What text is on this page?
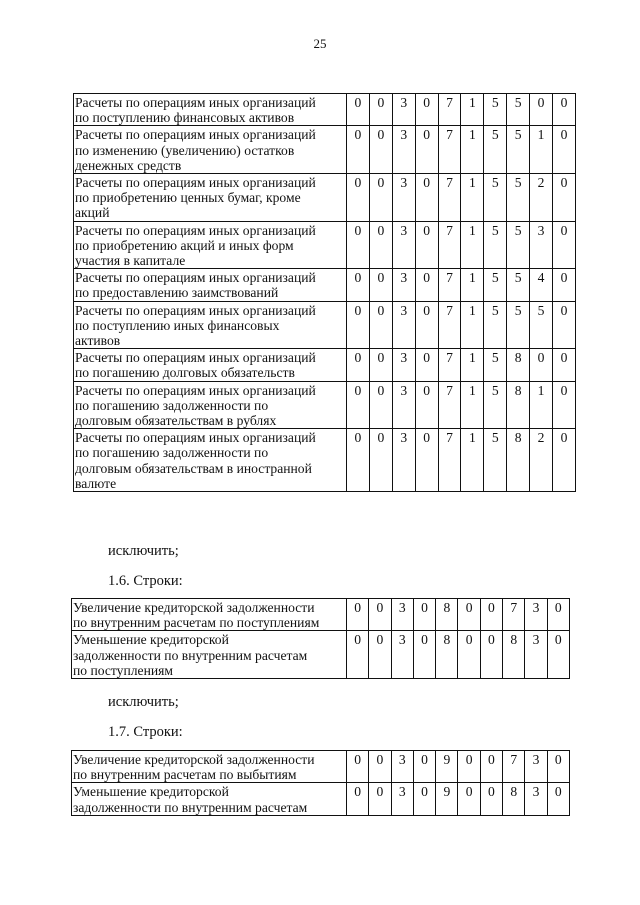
25
Расчеты по операциям иных организаций
по поступлению финансовых активов	0	0	3	0	7	1	5	5	0	0

Расчеты по операциям иных организаций
по изменению (увеличению) остатков
денежных средств	0	0	3	0	7	1	5	5	1	0

Расчеты по операциям иных организаций
по приобретению ценных бумаг, кроме
акций	0	0	3	0	7	1	5	5	2	0

Расчеты по операциям иных организаций
по приобретению акций и иных форм
участия в капитале	0	0	3	0	7	1	5	5	3	0

Расчеты по операциям иных организаций
по предоставлению заимствований	0	0	3	0	7	1	5	5	4	0

Расчеты по операциям иных организаций
по поступлению иных финансовых
активов	0	0	3	0	7	1	5	5	5	0

Расчеты по операциям иных организаций
по погашению долговых обязательств	0	0	3	0	7	1	5	8	0	0

Расчеты по операциям иных организаций
по погашению задолженности по
долговым обязательствам в рублях	0	0	3	0	7	1	5	8	1	0

Расчеты по операциям иных организаций
по погашению задолженности по
долговым обязательствам в иностранной
валюте	0	0	3	0	7	1	5	8	2	0
исключить;
1.6. Строки:
Увеличение кредиторской задолженности
по внутренним расчетам по поступлениям	0	0	3	0	8	0	0	7	3	0

Уменьшение кредиторской
задолженности по внутренним расчетам
по поступлениям	0	0	3	0	8	0	0	8	3	0
исключить;
1.7. Строки:
Увеличение кредиторской задолженности
по внутренним расчетам по выбытиям	0	0	3	0	9	0	0	7	3	0

Уменьшение кредиторской
задолженности по внутренним расчетам	0	0	3	0	9	0	0	8	3	0
